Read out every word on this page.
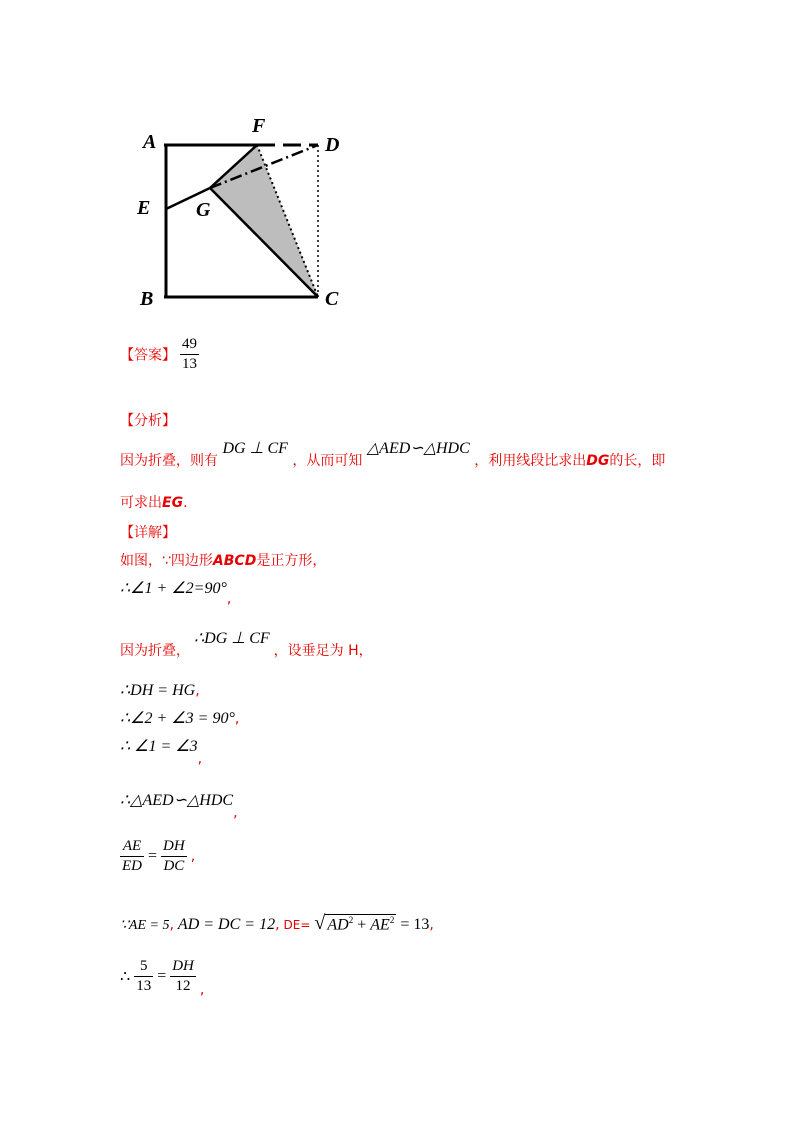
A
F
D
E G
B	C
【答案】 $\frac{49}{13}$
【分析】
因为折叠，则有 DG ⊥ CF ，从而可知 △AED∽△HDC ，利用线段比求出DG的长，即
可求出EG.
【详解】
如图，∵四边形ABCD是正方形，
∴∠1 + ∠2=90°,
因为折叠， ∴DG ⊥ CF ，设垂足为 H，
∴DH = HG,
∴∠2 + ∠3 = 90°,
∴ ∠1 = ∠3,
∴△AED∽△HDC,
$\frac{AE}{ED} = \frac{DH}{DC}$ ,
∵AE = 5, AD = DC = 12, DE= √ $AD^2 + AE^2 = 13$,
∴ $\frac{5}{13} = \frac{DH}{12}$ ,
